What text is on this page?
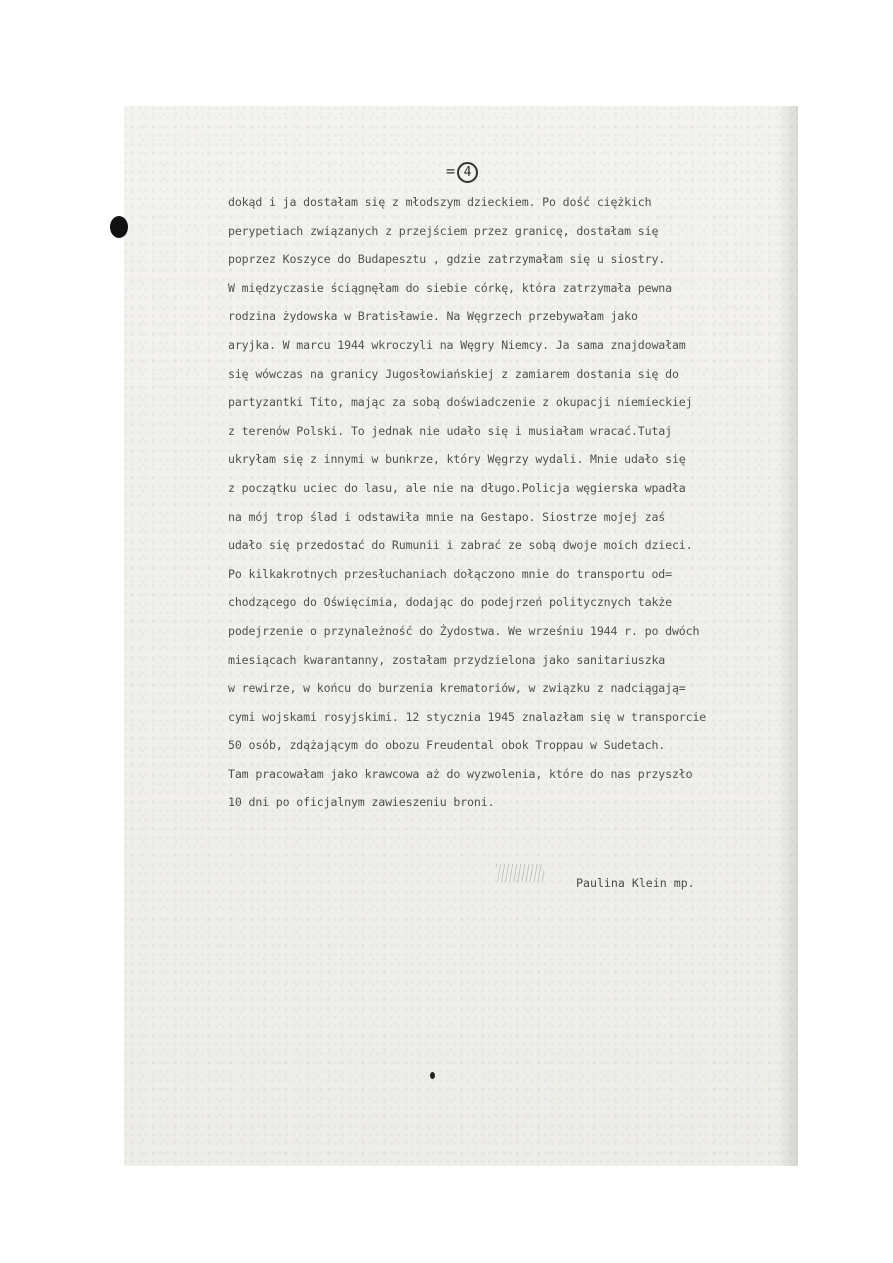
= 4
dokąd i ja dostałam się z młodszym dzieckiem. Po dość ciężkich
perypetiach związanych z przejściem przez granicę, dostałam się
poprzez Koszyce do Budapesztu , gdzie zatrzymałam się u siostry.
W międzyczasie ściągnęłam do siebie córkę, która zatrzymała pewna
rodzina żydowska w Bratisławie. Na Węgrzech przebywałam jako
aryjka. W marcu 1944 wkroczyli na Węgry Niemcy. Ja sama znajdowałam
się wówczas na granicy Jugosłowiańskiej z zamiarem dostania się do
partyzantki Tito, mając za sobą doświadczenie z okupacji niemieckiej
z terenów Polski. To jednak nie udało się i musiałam wracać.Tutaj
ukryłam się z innymi w bunkrze, który Węgrzy wydali. Mnie udało się
z początku uciec do lasu, ale nie na długo.Policja węgierska wpadła
na mój trop ślad i odstawiła mnie na Gestapo. Siostrze mojej zaś
udało się przedostać do Rumunii i zabrać ze sobą dwoje moich dzieci.
Po kilkakrotnych przesłuchaniach dołączono mnie do transportu od=
chodzącego do Oświęcimia, dodając do podejrzeń politycznych także
podejrzenie o przynależność do Żydostwa. We wrześniu 1944 r. po dwóch
miesiącach kwarantanny, zostałam przydzielona jako sanitariuszka
w rewirze, w końcu do burzenia krematoriów, w związku z nadciągają=
cymi wojskami rosyjskimi. 12 stycznia 1945 znalazłam się w transporcie
50 osób, zdążającym do obozu Freudental obok Troppau w Sudetach.
Tam pracowałam jako krawcowa aż do wyzwolenia, które do nas przyszło
10 dni po oficjalnym zawieszeniu broni.
Paulina Klein mp.
